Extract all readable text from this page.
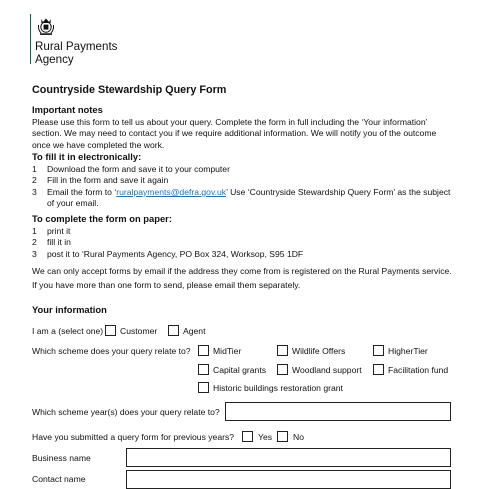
Rural Payments
Agency
Countryside Stewardship Query Form
Important notes

Please use this form to tell us about your query. Complete the form in full including the ‘Your information’ section. We may need to contact you if we require additional information. We will notify you of the outcome once we have completed the work.

To fill it in electronically:
1 Download the form and save it to your computer
2 Fill in the form and save it again
3 Email the form to ‘ruralpayments@defra.gov.uk’ Use ‘Countryside Stewardship Query Form’ as the subject of your email.
To complete the form on paper:
1 print it
2 fill it in
3 post it to ‘Rural Payments Agency, PO Box 324, Worksop, S95 1DF
We can only accept forms by email if the address they come from is registered on the Rural Payments service.
If you have more than one form to send, please email them separately.
Your information
I am a (select one) Customer	Agent
Which scheme does your query relate to?	MidTier	Wildlife Offers	HigherTier
Capital grants	Woodland support	Facilitation fund
Historic buildings restoration grant
Which scheme year(s) does your query relate to?
Have you submitted a query form for previous years?	Yes No
Business name
Contact name
